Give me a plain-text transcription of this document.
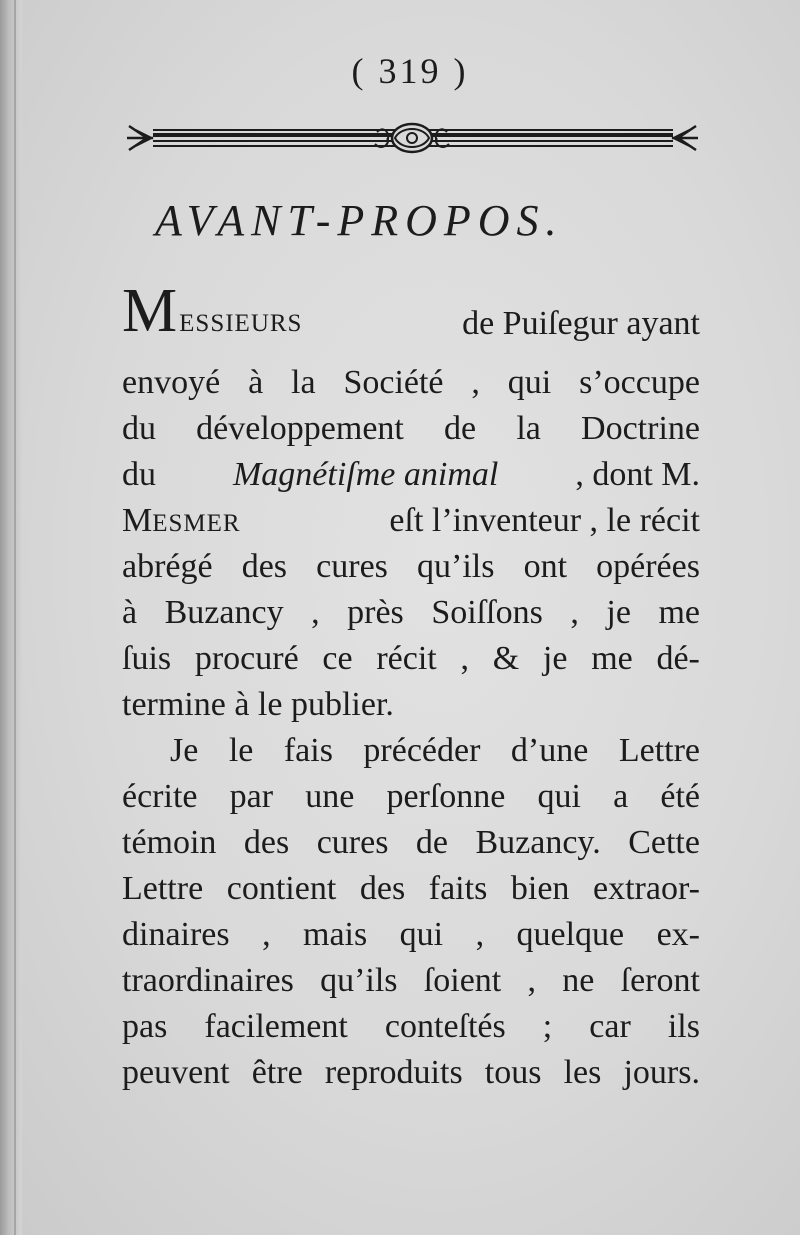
( 319 )
AVANT-PROPOS.
MESSIEURS	de Puiſegur ayant
envoyé à la Société , qui s’occupe
du développement de la Doctrine
du Magnétiſme animal , dont M.
MESMER	eſt l’inventeur , le récit
abrégé des cures qu’ils ont opérées
à Buzancy , près Soiſſons , je me
ſuis procuré ce récit , & je me dé-
termine à le publier.
Je le fais précéder d’une Lettre
écrite par une perſonne qui a été
témoin des cures de Buzancy. Cette
Lettre contient des faits bien extraor-
dinaires , mais qui , quelque ex-
traordinaires qu’ils ſoient , ne ſeront
pas facilement conteſtés ; car ils
peuvent être reproduits tous les jours.
